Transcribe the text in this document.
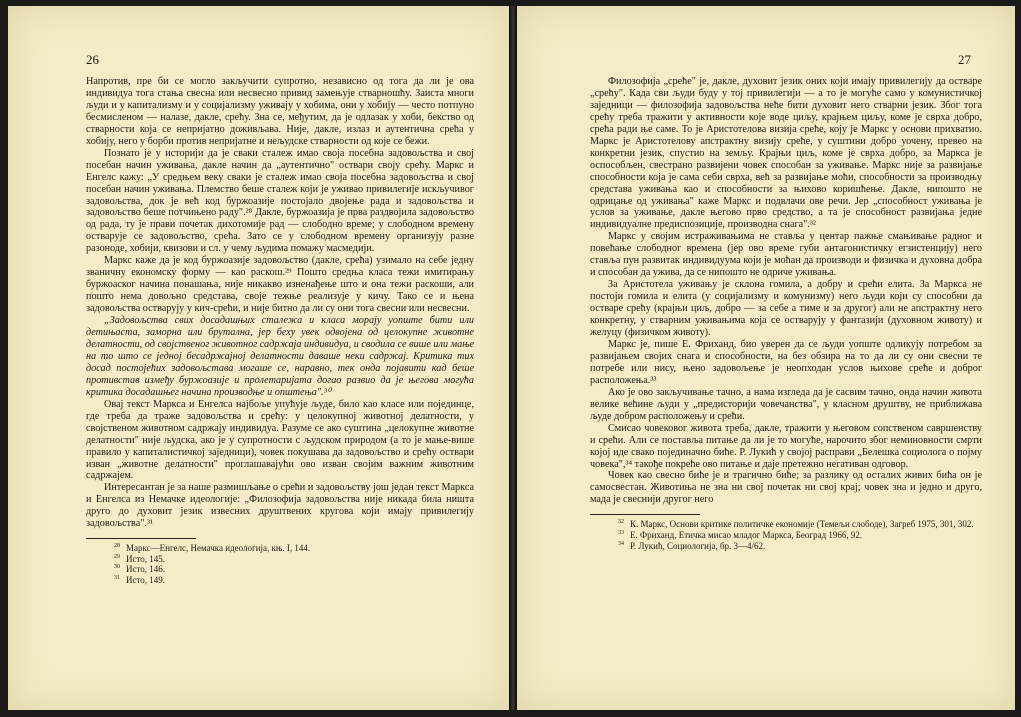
26

Напротив, пре би се могло закључити супротно, независно од тога да ли је ова индивидуа тога стања свесна или несвесно привид замењује стварношћу. Заиста многи људи и у капитализму и у социјализму уживају у хобима, они у хобију — често потпуно бесмисленом — налазе, дакле, срећу. Зна се, међутим, да је одлазак у хоби, бекство од стварности која се непријатно доживљава. Није, дакле, излаз и аутентична срећа у хобију, него у борби против непријатне и нељудске стварности од које се бежи.

Познато је у историји да је сваки сталеж имао своја посебна задовољства и свој посебан начин уживања, дакле начин да „аутентично" оствари своју срећу. Маркс и Енгелс кажу: „У средњем веку сваки је сталеж имао своја посебна задовољства и свој посебан начин уживања. Племство беше сталеж који је уживао привилегије искључивог задовољства, док је већ код буржоазије постојало двојење рада и задовољства и задовољство беше потчињено раду".²⁸ Дакле, буржоазија је прва раздвојила задовољство од рада, ту је прави почетак дихотомије рад — слободно време; у слободном времену остварује се задовољство, срећа. Зато се у слободном времену организују разне разоноде, хобији, квизови и сл. у чему људима помажу масмедији.

Маркс каже да је код буржоазије задовољство (дакле, срећа) узимало на себе једну званичну економску форму — као раскош.²⁹ Пошто средња класа тежи имитирању буржоаског начина понашања, није никакво изненађење што и она тежи раскоши, али пошто нема довољно средстава, своје тежње реализује у кичу. Тако се и њена задовољства остварују у кич-срећи, и није битно да ли су они тога свесни или несвесни.

„Задовољства свих досадашњих сталежа и класа морају уопште бити или детињаста, заморна или брутална, јер беху увек одвојена од целокупне животне делатности, од својственог животног садржаја индивидуа, и сводила се више или мање на то што се једној бесадржајној делатности даваше неки садржај. Критика тих досад постојећих задовољстава могаше се, наравно, тек онда појавити кад беше противстав између буржоазије и пролетаријата догао развио да је његова могућа критика досадашњег начина производње и општења".³⁰

Овај текст Маркса и Енгелса најбоље упућује људе, било као класе или појединце, где треба да траже задовољства и срећу: у целокупној животној делатности, у својственом животном садржају индивидуа. Разуме се ако суштина „целокупне животне делатности" није људска, ако је у супротности с људском природом (а то је мање-више правило у капиталистичкој заједници), човек покушава да задовољство и срећу оствари изван „животне делатности" проглашавајући ово изван својим важним животним садржајем.

Интересантан је за наше размишљање о срећи и задовољству још један текст Маркса и Енгелса из Немачке идеологије: „Филозофија задовољства није никада била ништа друго до духовит језик извесних друштвених кругова који имају привилегију задовољства".³¹

28 Маркс—Енгелс, Немачка идеологија, књ. I, 144.

29 Исто, 145.

30 Исто, 146.

31 Исто, 149.

27

Филозофија „среће" је, дакле, духовит језик оних који имају привилегију да остваре „срећу". Када сви људи буду у тој привилегији — а то је могуће само у комунистичкој заједници — филозофија задовољства неће бити духовит него стварни језик. Због тога срећу треба тражити у активности које воде циљу, крајњем циљу, коме је сврха добро, срећа ради ње саме. То је Аристотелова визија среће, коју је Маркс у основи прихватио. Маркс је Аристотелову апстрактну визију среће, у суштини добро уочену, превео на конкретни језик, спустио на земљу. Крајњи циљ, коме је сврха добро, за Маркса је оспособљен, свестрано развијени човек способан за уживање. Маркс није за развијање способности која је сама себи сврха, већ за развијање моћи, способности за производњу средстава уживања као и способности за њихово коришћење. Дакле, нипошто не одрицање од уживања" каже Маркс и подвлачи ове речи. Јер „способност уживања је услов за уживање, дакле његово прво средство, а та је способност развијања једне индивидуалне предиспозиције, производна снага".³²

Маркс у својим истраживањима не ставља у центар пажње смањивање радног и повећање слободног времена (јер ово време губи антагонистичку егзистенцију) него ставља пун развитак индивидуума који је моћан да производи и физичка и духовна добра и способан да ужива, да се нипошто не одриче уживања.

За Аристотела уживању је склона гомила, а добру и срећи елита. За Маркса не постоји гомила и елита (у социјализму и комунизму) него људи који су способни да остваре срећу (крајњи циљ, добро — за себе а тиме и за другог) али не апстрактну него конкретну, у стварним уживањима која се остварују у фантазији (духовном животу) и желуцу (физичком животу).

Маркс је, пише Е. Фриханд, био уверен да се људи уопште одликују потребом за развијањем својих снага и способности, на без обзира на то да ли су они свесни те потребе или нису, њено задовољење је неопходан услов њихове среће и доброг расположења.³³

Ако је ово закључивање тачно, а нама изгледа да је сасвим тачно, онда начин живота велике већине људи у „предисторији човечанства", у класном друштву, не приближава људе добром расположењу и срећи.

Смисао човековог живота треба, дакле, тражити у његовом сопственом савршенству и срећи. Али се поставља питање да ли је то могуће, нарочито због неминовности смрти којој иде свако појединачно биће. Р. Лукић у својој расправи „Белешка социолога о појму човека",³⁴ такође покреће ово питање и даје претежно негативан одговор.

Човек као свесно биће је и трагично биће; за разлику од осталих живих бића он је самосвестан. Животиња не зна ни свој почетак ни свој крај; човек зна и једно и друго, мада је свеснији другог него

32 К. Маркс, Основи критике политичке економије (Темељи слободе), Загреб 1975, 301, 302.

33 Е. Фриханд, Етичка мисао младог Маркса, Београд 1966, 92.

34 Р. Лукић, Социологија, бр. 3—4/62.
